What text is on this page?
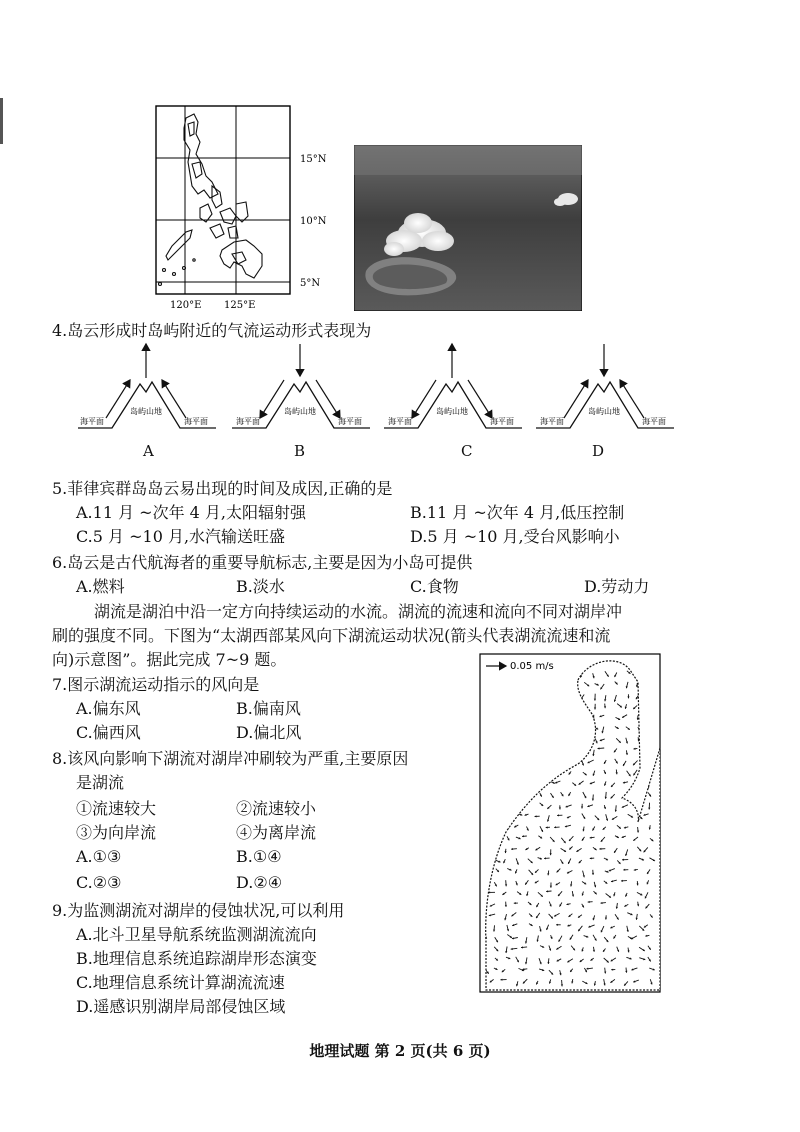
15°N
10°N
5°N
120°E 125°E
4.岛云形成时岛屿附近的气流运动形式表现为
岛屿山地
海平面	海平面
岛屿山地
海平面	海平面
岛屿山地
海平面	海平面
岛屿山地
海平面	海平面
A	B	C	D
5.菲律宾群岛岛云易出现的时间及成因,正确的是
A.11 月 ~次年 4 月,太阳辐射强	B.11 月 ~次年 4 月,低压控制
C.5 月 ~10 月,水汽输送旺盛	D.5 月 ~10 月,受台风影响小
6.岛云是古代航海者的重要导航标志,主要是因为小岛可提供
A.燃料	B.淡水	C.食物	D.劳动力
湖流是湖泊中沿一定方向持续运动的水流。湖流的流速和流向不同对湖岸冲
刷的强度不同。下图为“太湖西部某风向下湖流运动状况(箭头代表湖流流速和流
向)示意图”。据此完成 7~9 题。	0.05 m/s
7.图示湖流运动指示的风向是
A.偏东风	B.偏南风
C.偏西风	D.偏北风
8.该风向影响下湖流对湖岸冲刷较为严重,主要原因
是湖流
①流速较大	②流速较小
③为向岸流	④为离岸流
A.①③	B.①④
C.②③	D.②④
9.为监测湖流对湖岸的侵蚀状况,可以利用
A.北斗卫星导航系统监测湖流流向
B.地理信息系统追踪湖岸形态演变
C.地理信息系统计算湖流流速
D.遥感识别湖岸局部侵蚀区域
地理试题 第 2 页(共 6 页)
